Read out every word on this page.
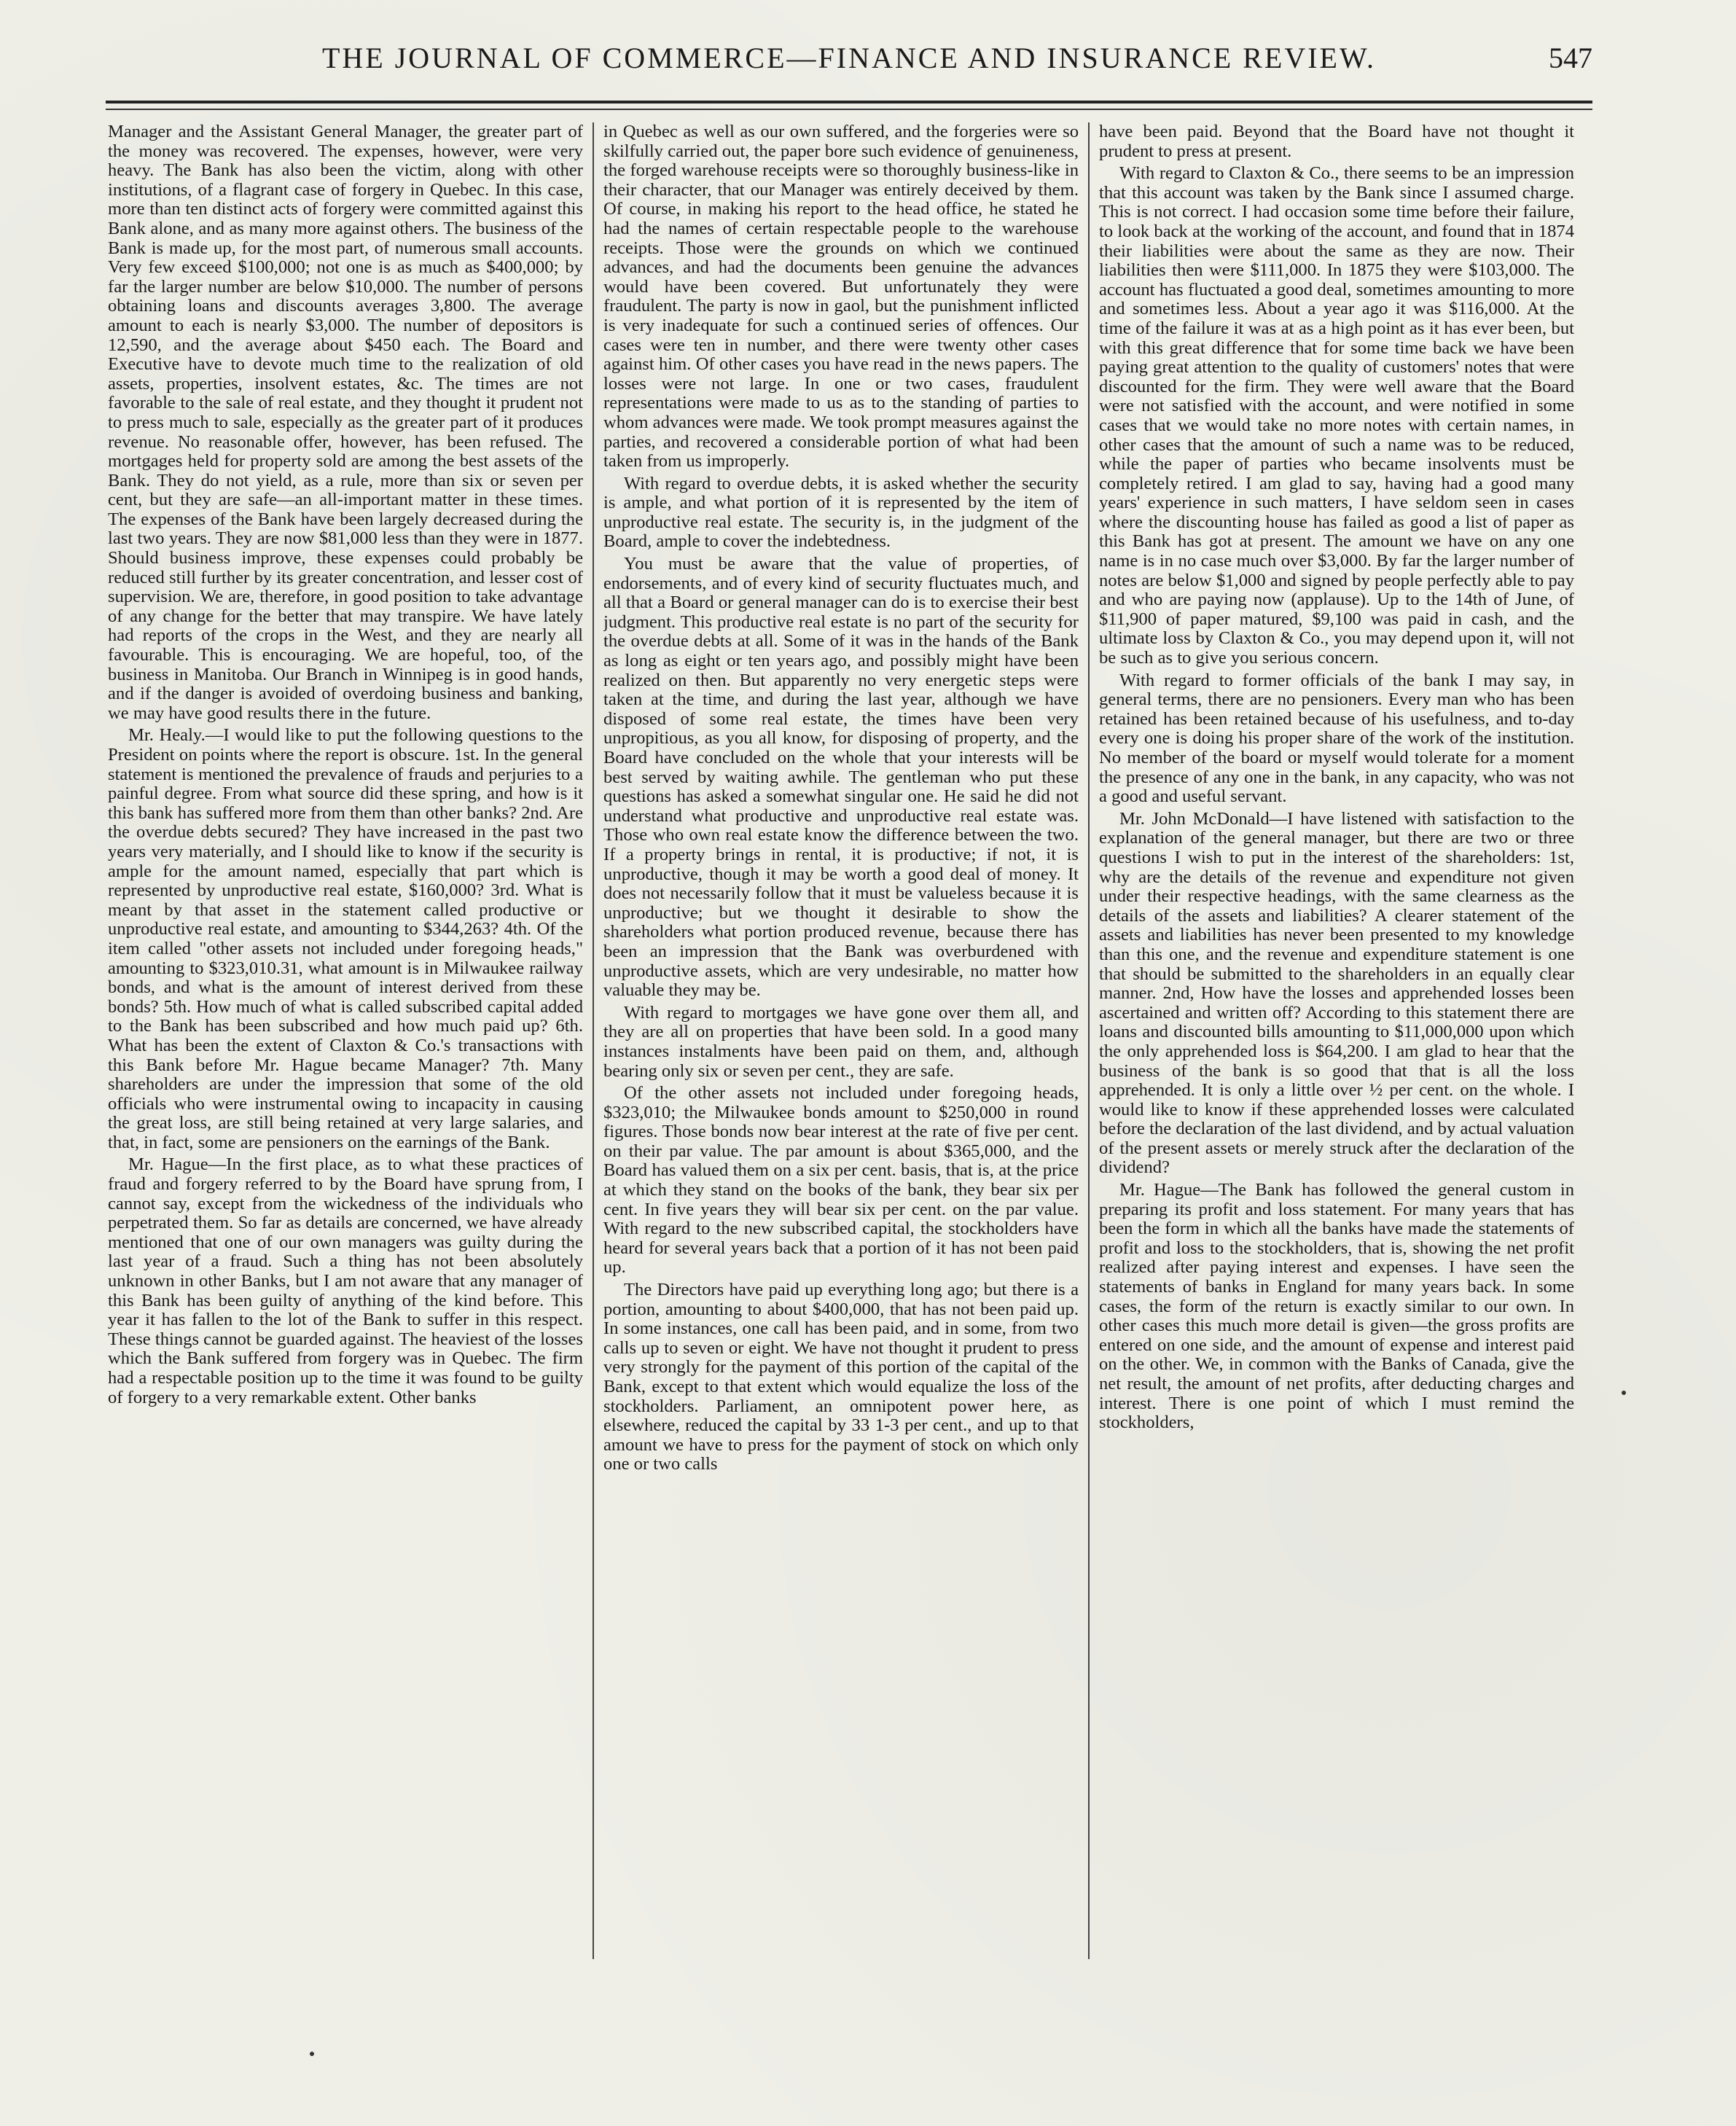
THE JOURNAL OF COMMERCE—FINANCE AND INSURANCE REVIEW.	547

Manager and the Assistant General Manager, the greater part of the money was recovered. The expenses, however, were very heavy. The Bank has also been the victim, along with other institutions, of a flagrant case of forgery in Quebec. In this case, more than ten distinct acts of forgery were committed against this Bank alone, and as many more against others. The business of the Bank is made up, for the most part, of numerous small accounts. Very few exceed $100,000; not one is as much as $400,000; by far the larger number are below $10,000. The number of persons obtaining loans and discounts averages 3,800. The average amount to each is nearly $3,000. The number of depositors is 12,590, and the average about $450 each. The Board and Executive have to devote much time to the realization of old assets, properties, insolvent estates, &c. The times are not favorable to the sale of real estate, and they thought it prudent not to press much to sale, especially as the greater part of it produces revenue. No reasonable offer, however, has been refused. The mortgages held for property sold are among the best assets of the Bank. They do not yield, as a rule, more than six or seven per cent, but they are safe—an all-important matter in these times. The expenses of the Bank have been largely decreased during the last two years. They are now $81,000 less than they were in 1877. Should business improve, these expenses could probably be reduced still further by its greater concentration, and lesser cost of supervision. We are, therefore, in good position to take advantage of any change for the better that may transpire. We have lately had reports of the crops in the West, and they are nearly all favourable. This is encouraging. We are hopeful, too, of the business in Manitoba. Our Branch in Winnipeg is in good hands, and if the danger is avoided of overdoing business and banking, we may have good results there in the future.

Mr. Healy.—I would like to put the following questions to the President on points where the report is obscure. 1st. In the general statement is mentioned the prevalence of frauds and perjuries to a painful degree. From what source did these spring, and how is it this bank has suffered more from them than other banks? 2nd. Are the overdue debts secured? They have increased in the past two years very materially, and I should like to know if the security is ample for the amount named, especially that part which is represented by unproductive real estate, $160,000? 3rd. What is meant by that asset in the statement called productive or unproductive real estate, and amounting to $344,263? 4th. Of the item called "other assets not included under foregoing heads," amounting to $323,010.31, what amount is in Milwaukee railway bonds, and what is the amount of interest derived from these bonds? 5th. How much of what is called subscribed capital added to the Bank has been subscribed and how much paid up? 6th. What has been the extent of Claxton & Co.'s transactions with this Bank before Mr. Hague became Manager? 7th. Many shareholders are under the impression that some of the old officials who were instrumental owing to incapacity in causing the great loss, are still being retained at very large salaries, and that, in fact, some are pensioners on the earnings of the Bank.

Mr. Hague—In the first place, as to what these practices of fraud and forgery referred to by the Board have sprung from, I cannot say, except from the wickedness of the individuals who perpetrated them. So far as details are concerned, we have already mentioned that one of our own managers was guilty during the last year of a fraud. Such a thing has not been absolutely unknown in other Banks, but I am not aware that any manager of this Bank has been guilty of anything of the kind before. This year it has fallen to the lot of the Bank to suffer in this respect. These things cannot be guarded against. The heaviest of the losses which the Bank suffered from forgery was in Quebec. The firm had a respectable position up to the time it was found to be guilty of forgery to a very remarkable extent. Other banks

in Quebec as well as our own suffered, and the forgeries were so skilfully carried out, the paper bore such evidence of genuineness, the forged warehouse receipts were so thoroughly business-like in their character, that our Manager was entirely deceived by them. Of course, in making his report to the head office, he stated he had the names of certain respectable people to the warehouse receipts. Those were the grounds on which we continued advances, and had the documents been genuine the advances would have been covered. But unfortunately they were fraudulent. The party is now in gaol, but the punishment inflicted is very inadequate for such a continued series of offences. Our cases were ten in number, and there were twenty other cases against him. Of other cases you have read in the news papers. The losses were not large. In one or two cases, fraudulent representations were made to us as to the standing of parties to whom advances were made. We took prompt measures against the parties, and recovered a considerable portion of what had been taken from us improperly.

With regard to overdue debts, it is asked whether the security is ample, and what portion of it is represented by the item of unproductive real estate. The security is, in the judgment of the Board, ample to cover the indebtedness.

You must be aware that the value of properties, of endorsements, and of every kind of security fluctuates much, and all that a Board or general manager can do is to exercise their best judgment. This productive real estate is no part of the security for the overdue debts at all. Some of it was in the hands of the Bank as long as eight or ten years ago, and possibly might have been realized on then. But apparently no very energetic steps were taken at the time, and during the last year, although we have disposed of some real estate, the times have been very unpropitious, as you all know, for disposing of property, and the Board have concluded on the whole that your interests will be best served by waiting awhile. The gentleman who put these questions has asked a somewhat singular one. He said he did not understand what productive and unproductive real estate was. Those who own real estate know the difference between the two. If a property brings in rental, it is productive; if not, it is unproductive, though it may be worth a good deal of money. It does not necessarily follow that it must be valueless because it is unproductive; but we thought it desirable to show the shareholders what portion produced revenue, because there has been an impression that the Bank was overburdened with unproductive assets, which are very undesirable, no matter how valuable they may be.

With regard to mortgages we have gone over them all, and they are all on properties that have been sold. In a good many instances instalments have been paid on them, and, although bearing only six or seven per cent., they are safe.

Of the other assets not included under foregoing heads, $323,010; the Milwaukee bonds amount to $250,000 in round figures. Those bonds now bear interest at the rate of five per cent. on their par value. The par amount is about $365,000, and the Board has valued them on a six per cent. basis, that is, at the price at which they stand on the books of the bank, they bear six per cent. In five years they will bear six per cent. on the par value. With regard to the new subscribed capital, the stockholders have heard for several years back that a portion of it has not been paid up.

The Directors have paid up everything long ago; but there is a portion, amounting to about $400,000, that has not been paid up. In some instances, one call has been paid, and in some, from two calls up to seven or eight. We have not thought it prudent to press very strongly for the payment of this portion of the capital of the Bank, except to that extent which would equalize the loss of the stockholders. Parliament, an omnipotent power here, as elsewhere, reduced the capital by 33 1-3 per cent., and up to that amount we have to press for the payment of stock on which only one or two calls

have been paid. Beyond that the Board have not thought it prudent to press at present.

With regard to Claxton & Co., there seems to be an impression that this account was taken by the Bank since I assumed charge. This is not correct. I had occasion some time before their failure, to look back at the working of the account, and found that in 1874 their liabilities were about the same as they are now. Their liabilities then were $111,000. In 1875 they were $103,000. The account has fluctuated a good deal, sometimes amounting to more and sometimes less. About a year ago it was $116,000. At the time of the failure it was at as a high point as it has ever been, but with this great difference that for some time back we have been paying great attention to the quality of customers' notes that were discounted for the firm. They were well aware that the Board were not satisfied with the account, and were notified in some cases that we would take no more notes with certain names, in other cases that the amount of such a name was to be reduced, while the paper of parties who became insolvents must be completely retired. I am glad to say, having had a good many years' experience in such matters, I have seldom seen in cases where the discounting house has failed as good a list of paper as this Bank has got at present. The amount we have on any one name is in no case much over $3,000. By far the larger number of notes are below $1,000 and signed by people perfectly able to pay and who are paying now (applause). Up to the 14th of June, of $11,900 of paper matured, $9,100 was paid in cash, and the ultimate loss by Claxton & Co., you may depend upon it, will not be such as to give you serious concern.

With regard to former officials of the bank I may say, in general terms, there are no pensioners. Every man who has been retained has been retained because of his usefulness, and to-day every one is doing his proper share of the work of the institution. No member of the board or myself would tolerate for a moment the presence of any one in the bank, in any capacity, who was not a good and useful servant.

Mr. John McDonald—I have listened with satisfaction to the explanation of the general manager, but there are two or three questions I wish to put in the interest of the shareholders: 1st, why are the details of the revenue and expenditure not given under their respective headings, with the same clearness as the details of the assets and liabilities? A clearer statement of the assets and liabilities has never been presented to my knowledge than this one, and the revenue and expenditure statement is one that should be submitted to the shareholders in an equally clear manner. 2nd, How have the losses and apprehended losses been ascertained and written off? According to this statement there are loans and discounted bills amounting to $11,000,000 upon which the only apprehended loss is $64,200. I am glad to hear that the business of the bank is so good that that is all the loss apprehended. It is only a little over ½ per cent. on the whole. I would like to know if these apprehended losses were calculated before the declaration of the last dividend, and by actual valuation of the present assets or merely struck after the declaration of the dividend?

Mr. Hague—The Bank has followed the general custom in preparing its profit and loss statement. For many years that has been the form in which all the banks have made the statements of profit and loss to the stockholders, that is, showing the net profit realized after paying interest and expenses. I have seen the statements of banks in England for many years back. In some cases, the form of the return is exactly similar to our own. In other cases this much more detail is given—the gross profits are entered on one side, and the amount of expense and interest paid on the other. We, in common with the Banks of Canada, give the net result, the amount of net profits, after deducting charges and interest. There is one point of which I must remind the stockholders,
